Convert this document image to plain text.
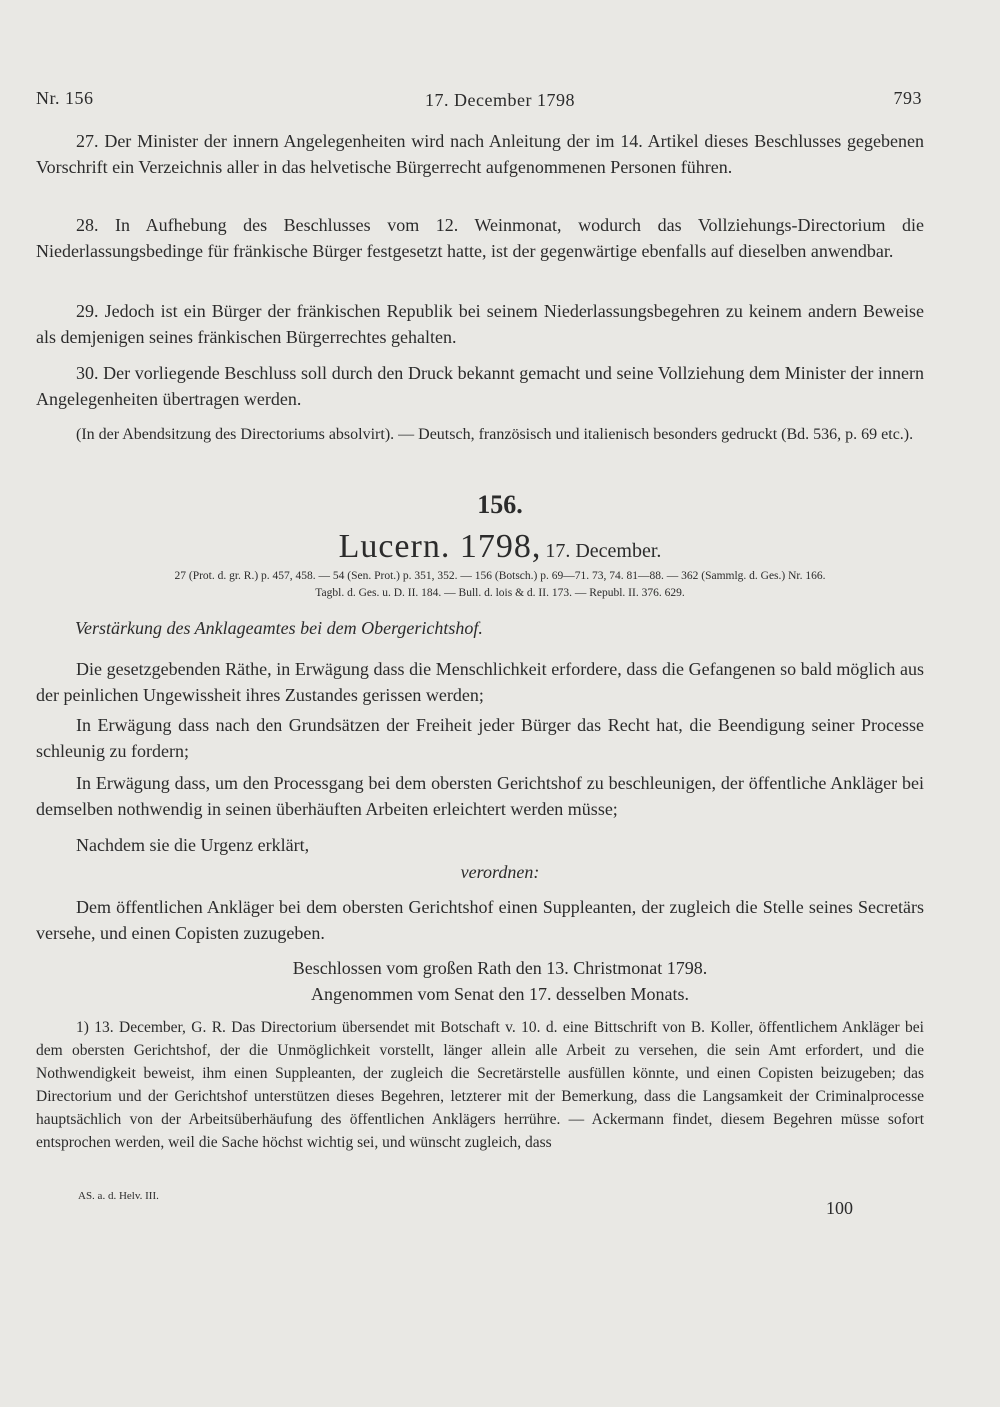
Nr. 156	17. December 1798	793
27. Der Minister der innern Angelegenheiten wird nach Anleitung der im 14. Artikel dieses Beschlusses gegebenen Vorschrift ein Verzeichnis aller in das helvetische Bürgerrecht aufgenommenen Personen führen.
28. In Aufhebung des Beschlusses vom 12. Weinmonat, wodurch das Vollziehungs-Directorium die Niederlassungsbedinge für fränkische Bürger festgesetzt hatte, ist der gegenwärtige ebenfalls auf dieselben anwendbar.
29. Jedoch ist ein Bürger der fränkischen Republik bei seinem Niederlassungsbegehren zu keinem andern Beweise als demjenigen seines fränkischen Bürgerrechtes gehalten.
30. Der vorliegende Beschluss soll durch den Druck bekannt gemacht und seine Vollziehung dem Minister der innern Angelegenheiten übertragen werden.
(In der Abendsitzung des Directoriums absolvirt). — Deutsch, französisch und italienisch besonders gedruckt (Bd. 536, p. 69 etc.).
156.
Lucern. 1798, 17. December.
27 (Prot. d. gr. R.) p. 457, 458. — 54 (Sen. Prot.) p. 351, 352. — 156 (Botsch.) p. 69—71. 73, 74. 81—88. — 362 (Sammlg. d. Ges.) Nr. 166.
Tagbl. d. Ges. u. D. II. 184. — Bull. d. lois & d. II. 173. — Republ. II. 376. 629.
Verstärkung des Anklageamtes bei dem Obergerichtshof.
Die gesetzgebenden Räthe, in Erwägung dass die Menschlichkeit erfordere, dass die Gefangenen so bald möglich aus der peinlichen Ungewissheit ihres Zustandes gerissen werden;
In Erwägung dass nach den Grundsätzen der Freiheit jeder Bürger das Recht hat, die Beendigung seiner Processe schleunig zu fordern;
In Erwägung dass, um den Processgang bei dem obersten Gerichtshof zu beschleunigen, der öffentliche Ankläger bei demselben nothwendig in seinen überhäuften Arbeiten erleichtert werden müsse;
Nachdem sie die Urgenz erklärt,
verordnen:
Dem öffentlichen Ankläger bei dem obersten Gerichtshof einen Suppleanten, der zugleich die Stelle seines Secretärs versehe, und einen Copisten zuzugeben.
Beschlossen vom großen Rath den 13. Christmonat 1798.
Angenommen vom Senat den 17. desselben Monats.
1) 13. December, G. R. Das Directorium übersendet mit Botschaft v. 10. d. eine Bittschrift von B. Koller, öffentlichem Ankläger bei dem obersten Gerichtshof, der die Unmöglichkeit vorstellt, länger allein alle Arbeit zu versehen, die sein Amt erfordert, und die Nothwendigkeit beweist, ihm einen Suppleanten, der zugleich die Secretärstelle ausfüllen könnte, und einen Copisten beizugeben; das Directorium und der Gerichtshof unterstützen dieses Begehren, letzterer mit der Bemerkung, dass die Langsamkeit der Criminalprocesse hauptsächlich von der Arbeitsüberhäufung des öffentlichen Anklägers herrühre. — Ackermann findet, diesem Begehren müsse sofort entsprochen werden, weil die Sache höchst wichtig sei, und wünscht zugleich, dass
AS. a. d. Helv. III.
100
